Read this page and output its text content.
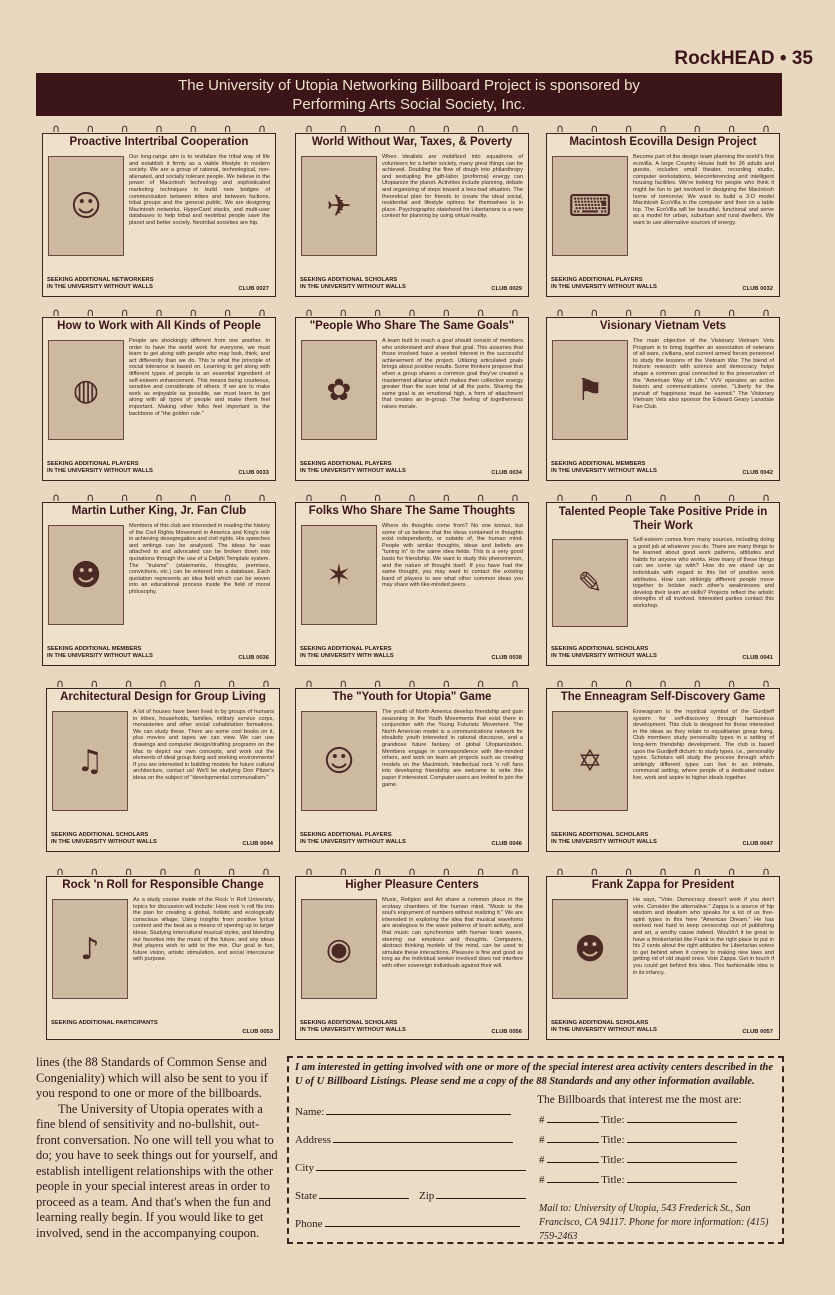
RockHEAD • 35
The University of Utopia Networking Billboard Project is sponsored by
Performing Arts Social Society, Inc.
∩ ∩ ∩ ∩ ∩ ∩ ∩
Proactive Intertribal Cooperation
☺
Our long-range aim is to revitalize the tribal way of life and establish it firmly as a viable lifestyle in modern society. We are a group of rational, technological, non-alienated, and socially tolerant people. We believe in the power of Macintosh technology and sophisticated marketing techniques to build new bridges of communication between tribes and between factions, tribal groups and the general public. We are designing Macintosh networks, HyperCard stacks, and multi-user databases to help tribal and neotribal people save the planet and better society. Neotribal societies are hip.
SEEKING ADDITIONAL NETWORKERS
IN THE UNIVERSITY WITHOUT WALLS	CLUB 0027
∩ ∩ ∩ ∩ ∩ ∩ ∩
World Without War, Taxes, & Poverty
✈
When idealists are mobilized into squadrons of volunteers for a better society, many great things can be achieved. Doubling the flow of dough into philanthropy and sextupling the gift-labor (proforma) energy can Utopianize the planet. Activities include planning, debate and organizing of steps toward a less-bad situation. The theoretical plan for friends to create the ideal social, residential and lifestyle options for themselves is in place. Psychographic statehood for Libertarians is a new context for planning by using virtual reality.
SEEKING ADDITIONAL SCHOLARS
IN THE UNIVERSITY WITHOUT WALLS	CLUB 0029
∩ ∩ ∩ ∩ ∩ ∩ ∩
Macintosh Ecovilla Design Project
⌨
Become part of the design team planning the world's first ecovilla. A large Country House built for 36 adults and guests, includes small theater, recording studio, computer workstations, teleconferencing and intelligent housing facilities. We're looking for people who think it might be fun to get involved in designing the Macintosh home of tomorrow. We want to build a 3-D model Macintosh EcoVilla in the computer and then on a table top. The EcoVilla will be beautiful, functional and serve as a model for urban, suburban and rural dwellers. We want to use alternative sources of energy.
SEEKING ADDITIONAL PLAYERS
IN THE UNIVERSITY WITHOUT WALLS	CLUB 0032
∩ ∩ ∩ ∩ ∩ ∩ ∩
How to Work with All Kinds of People
◍
People are shockingly different from one another. In order to have the world work for everyone, we must learn to get along with people who may look, think, and act differently than we do. This is what the principle of social tolerance is based on. Learning to get along with different types of people is an essential ingredient of self-esteem enhancement. This means being courteous, sensitive and considerate of others. If we are to make work as enjoyable as possible, we must learn to get along with all types of people and make them feel important. Making other folks feel important is the backbone of "the golden rule."
SEEKING ADDITIONAL PLAYERS
IN THE UNIVERSITY WITHOUT WALLS	CLUB 0033
∩ ∩ ∩ ∩ ∩ ∩ ∩
"People Who Share The Same Goals"
✿
A team built to reach a goal should consist of members who understand and share that goal. This assumes that those involved have a vested interest in the successful achievement of the project. Utilizing articulated goals brings about positive results. Some thinkers propose that when a group shares a common goal they've created a mastermind alliance which makes their collective energy greater than the sum total of all the parts. Sharing the same goal is an emotional high, a form of attachment that creates an in-group. The feeling of togetherness raises morale.
SEEKING ADDITIONAL PLAYERS
IN THE UNIVERSITY WITHOUT WALLS	CLUB 0034
∩ ∩ ∩ ∩ ∩ ∩ ∩
Visionary Vietnam Vets
⚑
The main objective of the Visionary Vietnam Vets Program is to bring together an association of veterans of all wars, civilians, and current armed forces personnel to study the lessons of the Vietnam War. The blend of historic research with science and democracy helps shape a common goal connected to the preservation of the "American Way of Life." VVV operates an active liaison and communications center. "Liberty for the pursuit of happiness must be earned." The Visionary Vietnam Vets also sponsor the Edward Geary Lansdale Fan Club.
SEEKING ADDITIONAL MEMBERS
IN THE UNIVERSITY WITHOUT WALLS	CLUB 0042
∩ ∩ ∩ ∩ ∩ ∩ ∩
Martin Luther King, Jr. Fan Club
☻
Members of this club are interested in reading the history of the Civil Rights Movement in America and King's role in achieving desegregation and civil rights. His speeches and writings can be analyzed. The ideas he was attached to and advocated can be broken down into quotations through the use of a Delphi Template system. The "truisms" (statements, thoughts, premises, convictions, etc.) can be entered into a database. Each quotation represents an idea field which can be woven into an educational process inside the field of moral philosophy.
SEEKING ADDITIONAL MEMBERS
IN THE UNIVERSITY WITHOUT WALLS	CLUB 0036
∩ ∩ ∩ ∩ ∩ ∩ ∩
Folks Who Share The Same Thoughts
✶
Where do thoughts come from? No one knows, but some of us believe that the ideas contained in thoughts exist independently, or outside of, the human mind. People with similar thoughts, ideas and beliefs are "tuning in" to the same idea fields. This is a very good basis for friendship. We want to study this phenomenon, and the nature of thought itself. If you have had the same thought, you may want to contact the existing band of players to see what other common ideas you may share with like-minded peers.
SEEKING ADDITIONAL PLAYERS
IN THE UNIVERSITY WITH WALLS	CLUB 0038
∩ ∩ ∩ ∩ ∩ ∩ ∩
Talented People Take Positive Pride in Their Work
✎
Self-esteem comes from many sources, including doing a good job at whatever you do. There are many things to be learned about good work patterns, attitudes and habits for anyone who works. How many of these things can we come up with? How do we stand up as individuals with regard to this list of positive work attributes. How can strikingly different people move together to bolster each other's weaknesses and develop their team art skills? Projects reflect the artistic strengths of all involved. Interested parties contact this workshop.
SEEKING ADDITIONAL SCHOLARS
IN THE UNIVERSITY WITHOUT WALLS	CLUB 0041
∩ ∩ ∩ ∩ ∩ ∩ ∩
Architectural Design for Group Living
♫
A lot of houses have been lived in by groups of humans in tribes, households, families, military service corps, monasteries and other social cohabitation formations. We can study these. There are some cool books on it, plus movies and tapes we can view. We can use drawings and computer design/drafting programs on the Mac to depict our own concepts, and work out the elements of ideal group living and working environments! If you are interested in building models for future cultural architecture, contact us! We'll be studying Don Pitzer's ideas on the subject of "developmental communalism."
SEEKING ADDITIONAL SCHOLARS
IN THE UNIVERSITY WITHOUT WALLS	CLUB 0044
∩ ∩ ∩ ∩ ∩ ∩ ∩
The "Youth for Utopia" Game
☺
The youth of North America develop friendship and gain seasoning in the Youth Movements that exist there in conjunction with the Young Futurists Movement. The North American model is a communications network for idealistic youth interested in rational discourse, and a grandiose future fantasy of global Utopianization. Members engage in correspondence with like-minded others, and work on team art projects such as creating models on the Macintosh. Intellectual rock 'n roll fans into developing friendship are welcome to write this paper if interested. Computer users are invited to join the game.
SEEKING ADDITIONAL PLAYERS
IN THE UNIVERSITY WITHOUT WALLS	CLUB 0046
∩ ∩ ∩ ∩ ∩ ∩ ∩
The Enneagram Self-Discovery Game
✡
Enneagram is the mystical symbol of the Gurdjieff system for self-discovery through harmonious development. This club is designed for those interested in the ideas as they relate to equalitarian group living. Club members study personality types in a setting of long-term friendship development. The club is based upon the Gurdjieff dictum: to study types, i.e., personality types. Scholars will study the process through which strikingly different types can live in an intimate, communal setting, where people of a dedicated nature live, work and aspire to higher ideals together.
SEEKING ADDITIONAL SCHOLARS
IN THE UNIVERSITY WITHOUT WALLS	CLUB 0047
∩ ∩ ∩ ∩ ∩ ∩ ∩
Rock 'n Roll for Responsible Change
♪
As a study course inside of the Rock 'n Roll University, topics for discussion will include: How rock 'n roll fits into the plan for creating a global, holistic and ecologically conscious village; Using insights from positive lyrical content and the beat as a means of opening up to larger ideas; Studying intercultural musical styles, and blending our favorites into the music of the future; and any ideas that players wish to add to the mix. Our goal is fun, future vision, artistic stimulation, and social intercourse with purpose.
SEEKING ADDITIONAL PARTICIPANTS
CLUB 0053
∩ ∩ ∩ ∩ ∩ ∩ ∩
Higher Pleasure Centers
◉
Music, Religion and Art share a common place in the ecstasy chambers of the human mind. "Music is the soul's enjoyment of numbers without realizing it." We are interested in exploring the idea that musical wavefoms are analogous to the wave patterns of brain activity, and that music can synchronize with human brain waves, steering our emotions and thoughts. Computers, abstract thinking models of the mind, can be used to simulate these interactions. Pleasure is fine and good as long as the individual seeker involved does not interfere with other sovereign individuals against their will.
SEEKING ADDITIONAL SCHOLARS
IN THE UNIVERSITY WITHOUT WALLS	CLUB 0056
∩ ∩ ∩ ∩ ∩ ∩ ∩
Frank Zappa for President
☻
He says, "Vote. Democracy doesn't work if you don't vote. Consider the alternative." Zappa is a source of hip wisdom and idealism who speaks for a lot of us free-spirit types in this here "American Dream." He has worked real hard to keep censorship out of publishing and art, a worthy cause indeed. Wouldn't it be great to have a thinker/artist like Frank in the right place to put in his 2 cents about the right attitudes for Libertarian voters to get behind when it comes to making new laws and getting rid of old stupid ones. Vote Zappa. Get in touch if you could get behind this idea. This fashionable idea is in its infancy.
SEEKING ADDITIONAL SCHOLARS
IN THE UNIVERSITY WITHOUT WALLS	CLUB 0057

lines (the 88 Standards of Common Sense and Congeniality) which will also be sent to you if you respond to one or more of the billboards.

The University of Utopia operates with a fine blend of sensitivity and no-bullshit, out-front conversation. No one will tell you what to do; you have to seek things out for yourself, and establish intelligent relationships with the other people in your special interest areas in order to proceed as a team. And that's when the fun and learning really begin. If you would like to get involved, send in the accompanying coupon.

I am interested in getting involved with one or more of the special interest area activity centers described in the U of U Billboard Listings. Please send me a copy of the 88 Standards and any other information available.
Name:
Address
City
State	Zip
Phone
The Billboards that interest me the most are:
#	Title:
#	Title:
#	Title:
#	Title:
Mail to: University of Utopia, 543 Frederick St., San Francisco, CA 94117. Phone for more information: (415) 759-2463
